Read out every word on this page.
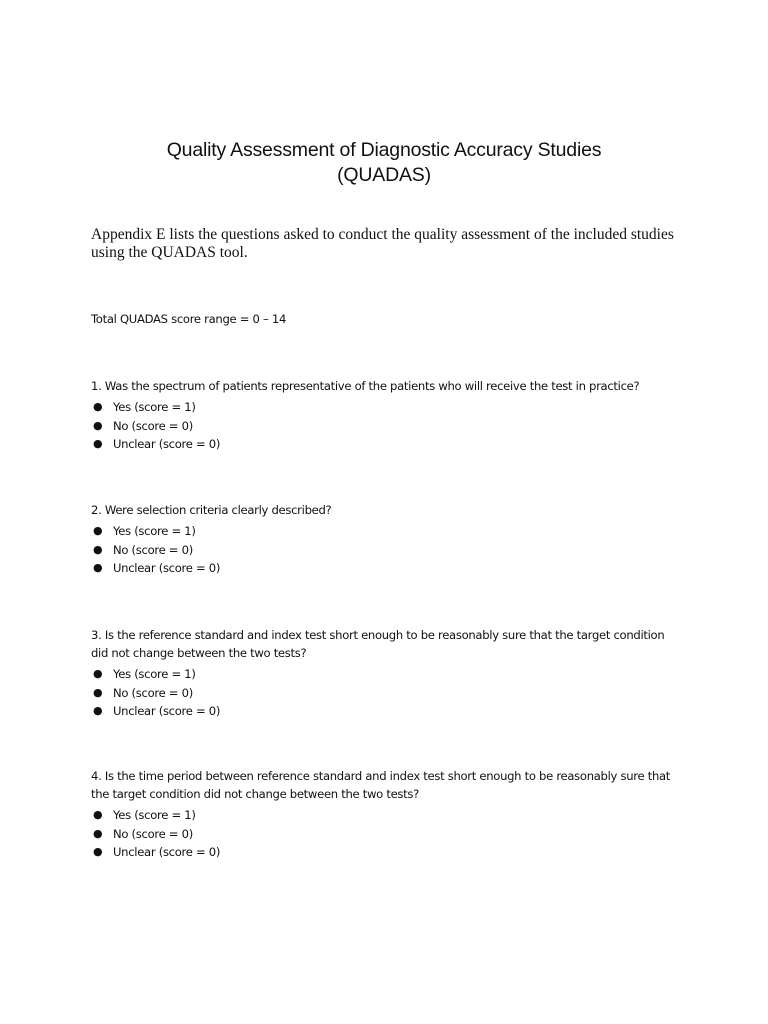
Quality Assessment of Diagnostic Accuracy Studies
(QUADAS)
Appendix E lists the questions asked to conduct the quality assessment of the included studies using the QUADAS tool.
Total QUADAS score range = 0 – 14
1. Was the spectrum of patients representative of the patients who will receive the test in practice?
● Yes (score = 1)
● No (score = 0)
● Unclear (score = 0)
2. Were selection criteria clearly described?
● Yes (score = 1)
● No (score = 0)
● Unclear (score = 0)
3. Is the reference standard and index test short enough to be reasonably sure that the target condition did not change between the two tests?
● Yes (score = 1)
● No (score = 0)
● Unclear (score = 0)
4. Is the time period between reference standard and index test short enough to be reasonably sure that the target condition did not change between the two tests?
● Yes (score = 1)
● No (score = 0)
● Unclear (score = 0)
